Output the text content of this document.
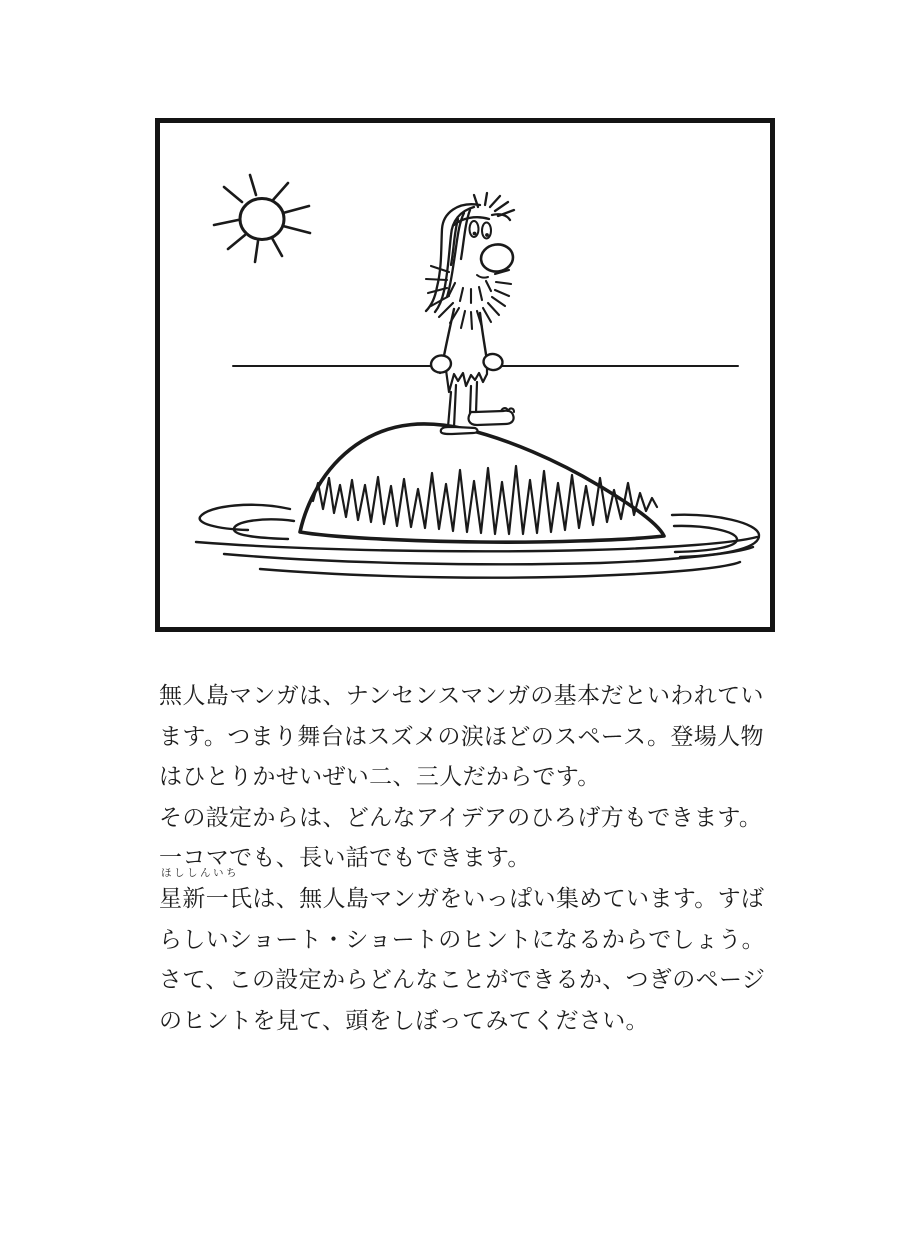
無人島マンガは、ナンセンスマンガの基本だといわれてい
ます。つまり舞台はスズメの涙ほどのスペース。登場人物
はひとりかせいぜい二、三人だからです。
その設定からは、どんなアイデアのひろげ方もできます。
一コマでも、長い話でもできます。
ほししんいち
星新一氏は、無人島マンガをいっぱい集めています。すば
らしいショート・ショートのヒントになるからでしょう。
さて、この設定からどんなことができるか、つぎのページ
のヒントを見て、頭をしぼってみてください。
